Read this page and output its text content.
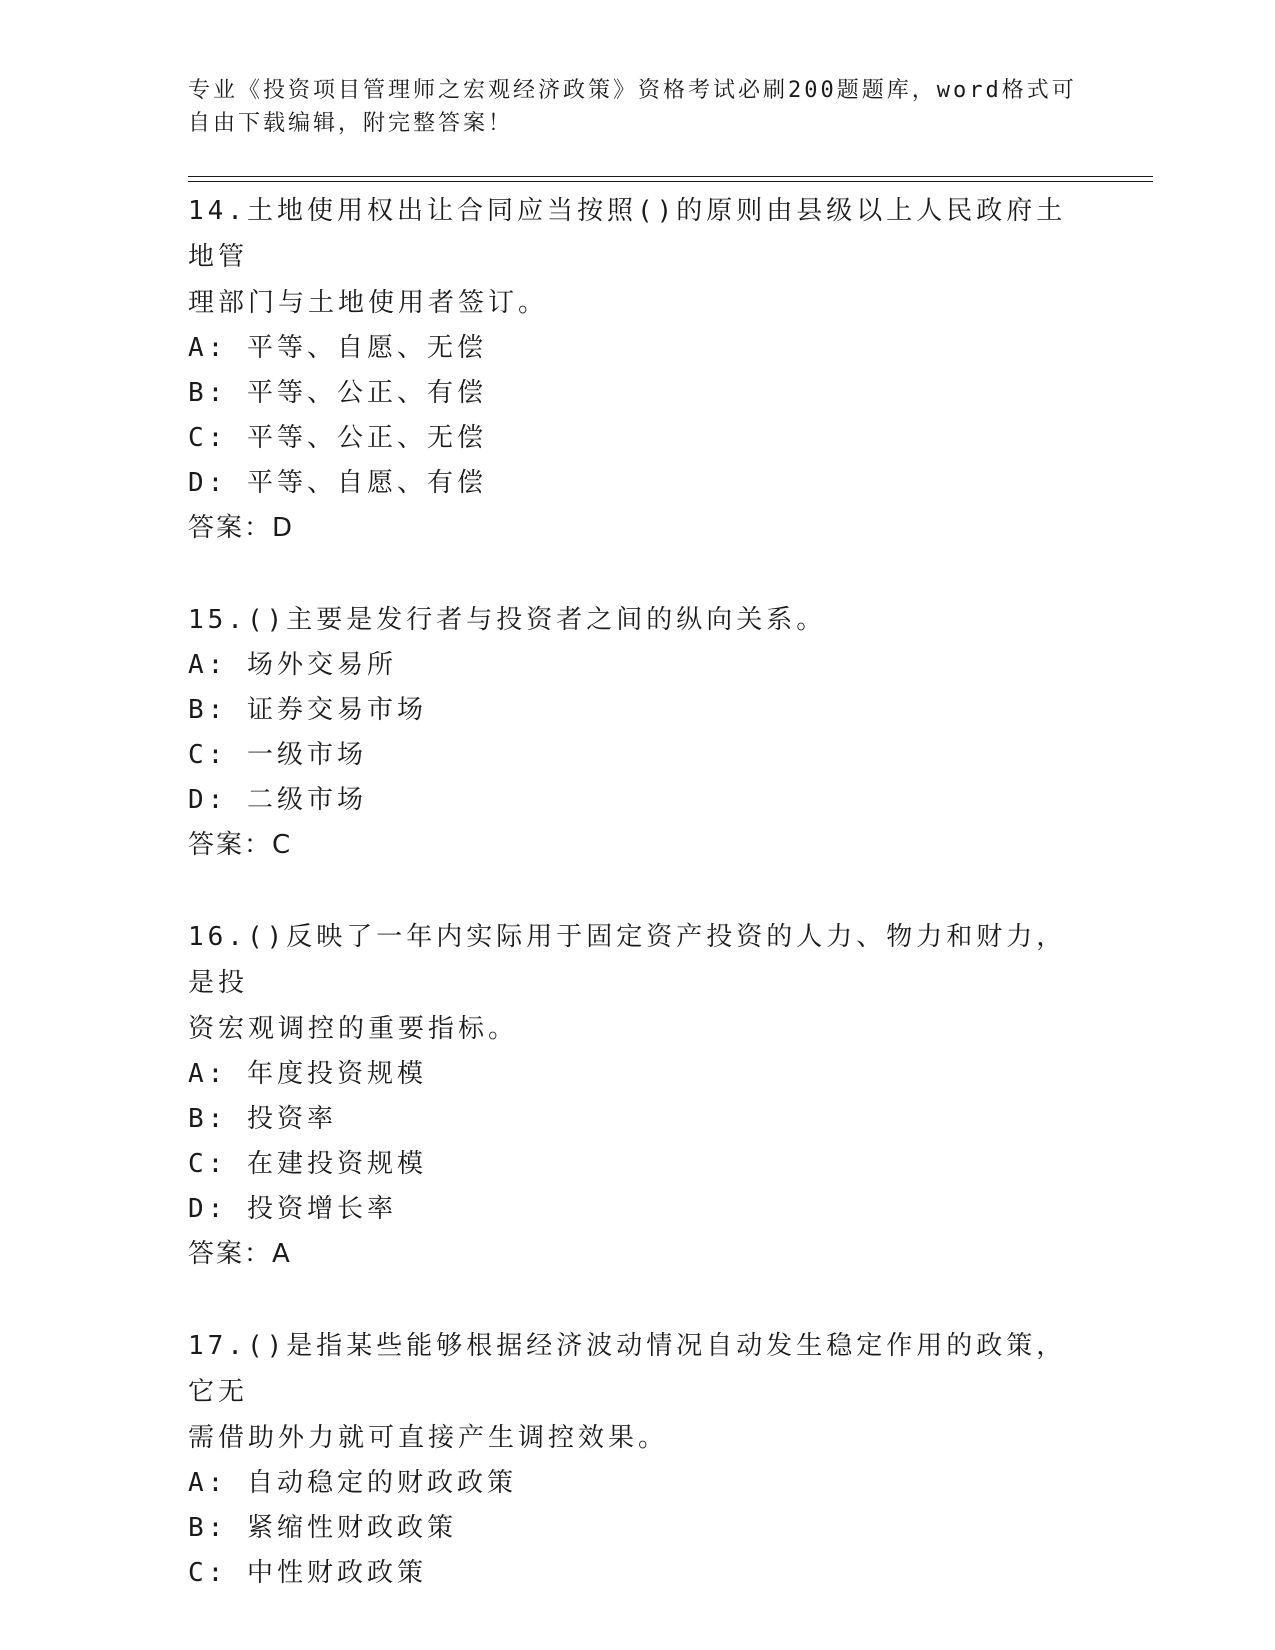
专业《投资项目管理师之宏观经济政策》资格考试必刷200题题库，word格式可
自由下载编辑，附完整答案！
14.土地使用权出让合同应当按照()的原则由县级以上人民政府土地管
理部门与土地使用者签订。
A: 平等、自愿、无偿
B: 平等、公正、有偿
C: 平等、公正、无偿
D: 平等、自愿、有偿
答案：D
15.()主要是发行者与投资者之间的纵向关系。
A: 场外交易所
B: 证券交易市场
C: 一级市场
D: 二级市场
答案：C
16.()反映了一年内实际用于固定资产投资的人力、物力和财力，是投
资宏观调控的重要指标。
A: 年度投资规模
B: 投资率
C: 在建投资规模
D: 投资增长率
答案：A
17.()是指某些能够根据经济波动情况自动发生稳定作用的政策，它无
需借助外力就可直接产生调控效果。
A: 自动稳定的财政政策
B: 紧缩性财政政策
C: 中性财政政策
